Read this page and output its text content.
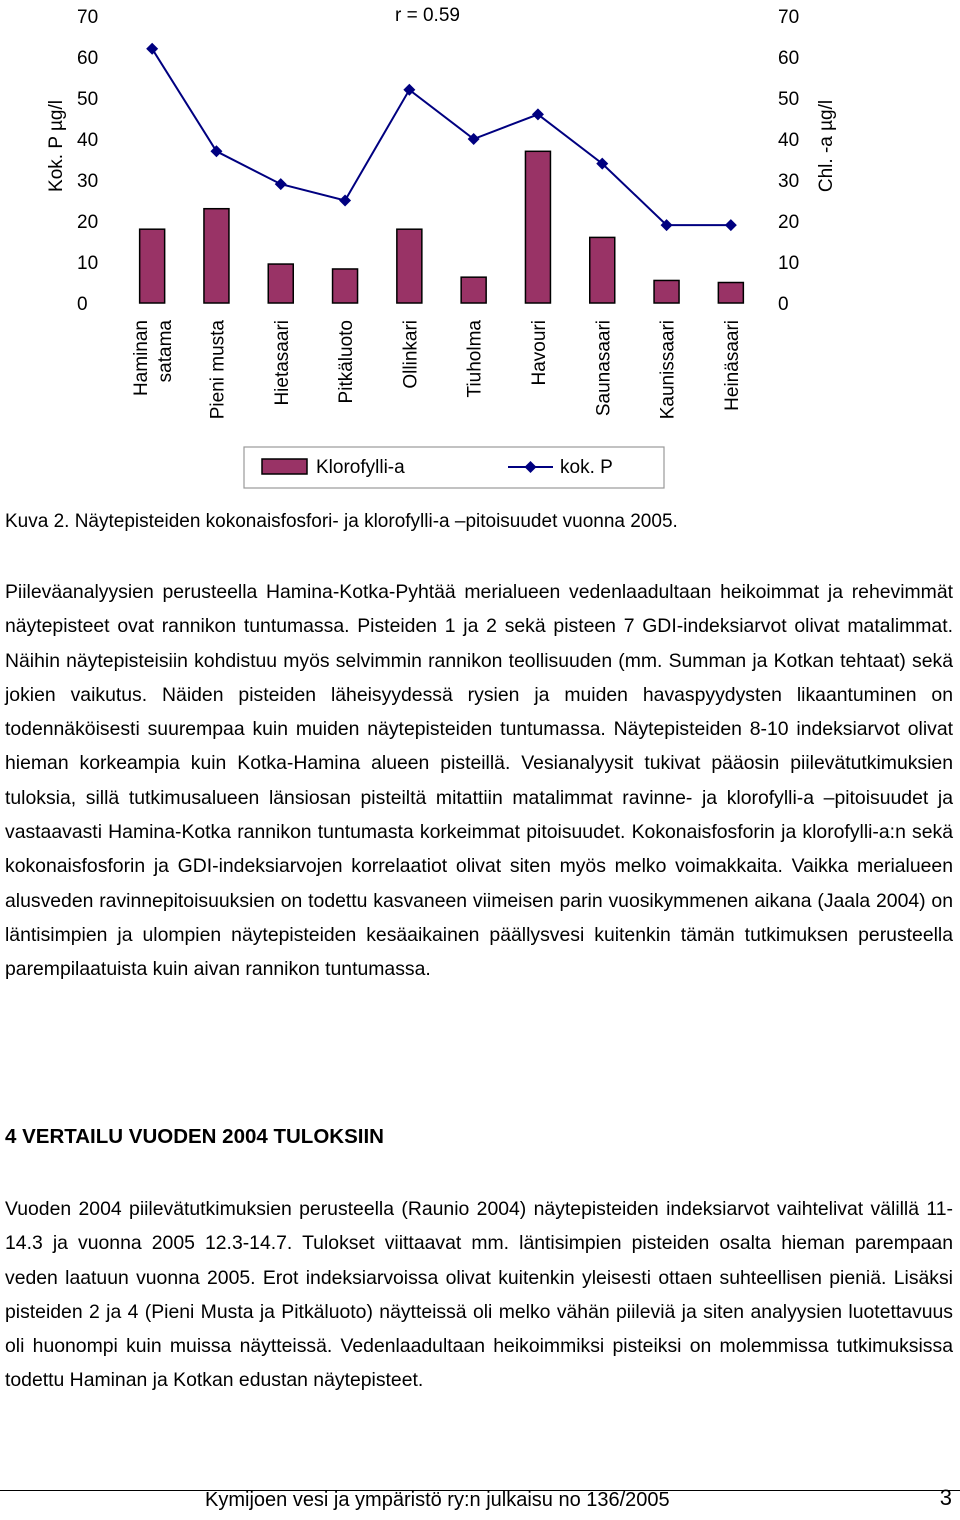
r = 0.59
0
10
20
30
40
50
60
70
0
10
20
30
40
50
60
70
Kok. P µg/l	Chl. -a µg/l
Haminan satama Pieni musta Hietasaari Pitkäluoto Ollinkari Tiuholma Havouri Saunasaari Kaunissaari Heinäsaari
Klorofylli-a	kok. P
Kuva 2. Näytepisteiden kokonaisfosfori- ja klorofylli-a –pitoisuudet vuonna 2005.

Piileväanalyysien perusteella Hamina-Kotka-Pyhtää merialueen vedenlaadultaan heikoimmat ja rehevimmät näytepisteet ovat rannikon tuntumassa. Pisteiden 1 ja 2 sekä pisteen 7 GDI-indeksiarvot olivat matalimmat. Näihin näytepisteisiin kohdistuu myös selvimmin rannikon teollisuuden (mm. Summan ja Kotkan tehtaat) sekä jokien vaikutus. Näiden pisteiden läheisyydessä rysien ja muiden havaspyydysten likaantuminen on todennäköisesti suurempaa kuin muiden näytepisteiden tuntumassa. Näytepisteiden 8-10 indeksiarvot olivat hieman korkeampia kuin Kotka-Hamina alueen pisteillä. Vesianalyysit tukivat pääosin piilevätutkimuksien tuloksia, sillä tutkimusalueen länsiosan pisteiltä mitattiin matalimmat ravinne- ja klorofylli-a –pitoisuudet ja vastaavasti Hamina-Kotka rannikon tuntumasta korkeimmat pitoisuudet. Kokonaisfosforin ja klorofylli-a:n sekä kokonaisfosforin ja GDI-indeksiarvojen korrelaatiot olivat siten myös melko voimakkaita. Vaikka merialueen alusveden ravinnepitoisuuksien on todettu kasvaneen viimeisen parin vuosikymmenen aikana (Jaala 2004) on läntisimpien ja ulompien näytepisteiden kesäaikainen päällysvesi kuitenkin tämän tutkimuksen perusteella parempilaatuista kuin aivan rannikon tuntumassa.

4 VERTAILU VUODEN 2004 TULOKSIIN

Vuoden 2004 piilevätutkimuksien perusteella (Raunio 2004) näytepisteiden indeksiarvot vaihtelivat välillä 11-14.3 ja vuonna 2005 12.3-14.7. Tulokset viittaavat mm. läntisimpien pisteiden osalta hieman parempaan veden laatuun vuonna 2005. Erot indeksiarvoissa olivat kuitenkin yleisesti ottaen suhteellisen pieniä. Lisäksi pisteiden 2 ja 4 (Pieni Musta ja Pitkäluoto) näytteissä oli melko vähän piileviä ja siten analyysien luotettavuus oli huonompi kuin muissa näytteissä. Vedenlaadultaan heikoimmiksi pisteiksi on molemmissa tutkimuksissa todettu Haminan ja Kotkan edustan näytepisteet.

Kymijoen vesi ja ympäristö ry:n julkaisu no 136/2005	3
